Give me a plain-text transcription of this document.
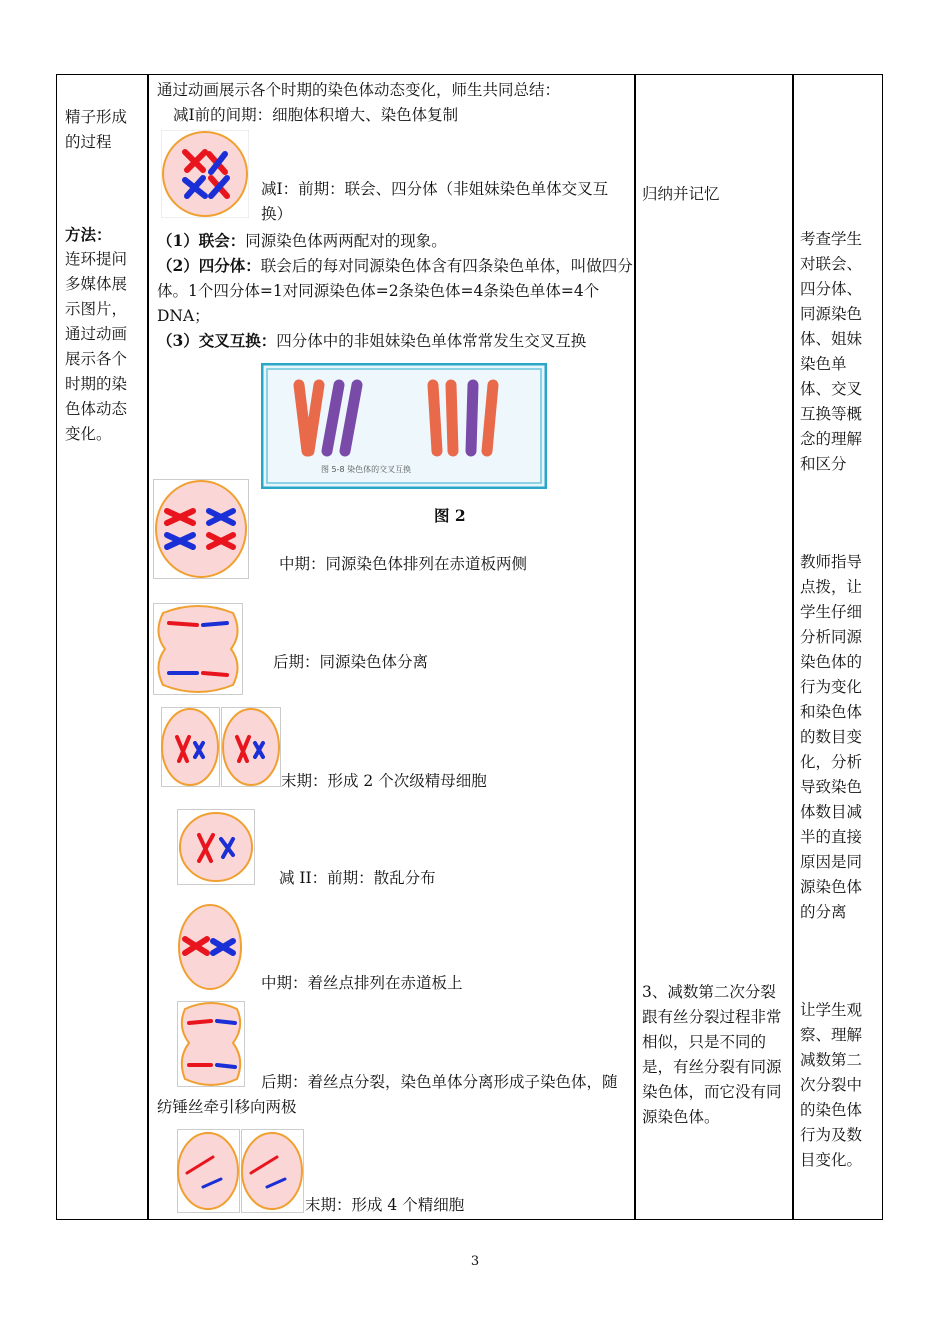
精子形成的过程
方法：
连环提问多媒体展示图片，通过动画展示各个时期的染色体动态变化。
通过动画展示各个时期的染色体动态变化，师生共同总结：
减Ⅰ前的间期：细胞体积增大、染色体复制
减Ⅰ：前期：联会、四分体（非姐妹染色单体交叉互换）
（1）联会：同源染色体两两配对的现象。
（2）四分体：联会后的每对同源染色体含有四条染色单体，叫做四分体。1个四分体=1对同源染色体=2条染色体=4条染色单体=4个DNA；
（3）交叉互换：四分体中的非姐妹染色单体常常发生交叉互换
图 5-8 染色体的交叉互换
图 2
中期：同源染色体排列在赤道板两侧
后期：同源染色体分离
末期：形成 2 个次级精母细胞
减 II：前期：散乱分布
中期：着丝点排列在赤道板上
后期：着丝点分裂，染色单体分离形成子染色体，随纺锤丝牵引移向两极
末期：形成 4 个精细胞
归纳并记忆
3、减数第二次分裂跟有丝分裂过程非常相似，只是不同的是，有丝分裂有同源染色体，而它没有同源染色体。
考查学生对联会、四分体、同源染色体、姐妹染色单体、交叉互换等概念的理解和区分
教师指导点拨，让学生仔细分析同源染色体的行为变化和染色体的数目变化，分析导致染色体数目减半的直接原因是同源染色体的分离
让学生观察、理解减数第二次分裂中的染色体行为及数目变化。
3
